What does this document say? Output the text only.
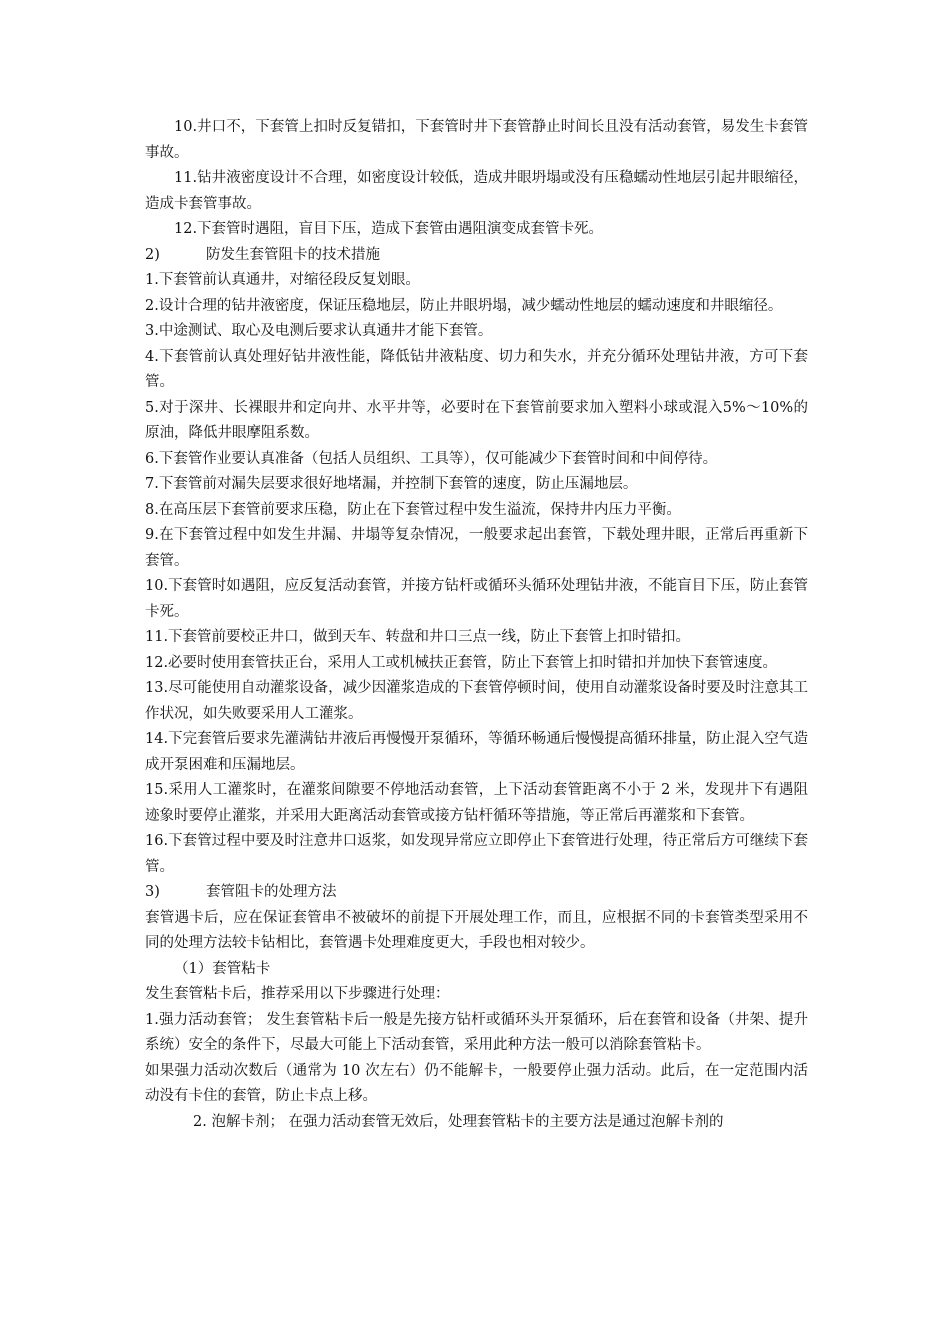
10.井口不，下套管上扣时反复错扣，下套管时井下套管静止时间长且没有活动套管，易发生卡套管事故。

11.钻井液密度设计不合理，如密度设计较低，造成井眼坍塌或没有压稳蠕动性地层引起井眼缩径，造成卡套管事故。

12.下套管时遇阻，盲目下压，造成下套管由遇阻演变成套管卡死。

2)          防发生套管阻卡的技术措施

1.下套管前认真通井，对缩径段反复划眼。

2.设计合理的钻井液密度，保证压稳地层，防止井眼坍塌，减少蠕动性地层的蠕动速度和井眼缩径。

3.中途测试、取心及电测后要求认真通井才能下套管。

4.下套管前认真处理好钻井液性能，降低钻井液粘度、切力和失水，并充分循环处理钻井液，方可下套管。

5.对于深井、长裸眼井和定向井、水平井等，必要时在下套管前要求加入塑料小球或混入5%～10%的原油，降低井眼摩阻系数。

6.下套管作业要认真准备（包括人员组织、工具等），仅可能减少下套管时间和中间停待。

7.下套管前对漏失层要求很好地堵漏，并控制下套管的速度，防止压漏地层。

8.在高压层下套管前要求压稳，防止在下套管过程中发生溢流，保持井内压力平衡。

9.在下套管过程中如发生井漏、井塌等复杂情况，一般要求起出套管，下载处理井眼，正常后再重新下套管。

10.下套管时如遇阻，应反复活动套管，并接方钻杆或循环头循环处理钻井液，不能盲目下压，防止套管卡死。

11.下套管前要校正井口，做到天车、转盘和井口三点一线，防止下套管上扣时错扣。

12.必要时使用套管扶正台，采用人工或机械扶正套管，防止下套管上扣时错扣并加快下套管速度。

13.尽可能使用自动灌浆设备，减少因灌浆造成的下套管停顿时间，使用自动灌浆设备时要及时注意其工作状况，如失败要采用人工灌浆。

14.下完套管后要求先灌满钻井液后再慢慢开泵循环，等循环畅通后慢慢提高循环排量，防止混入空气造成开泵困难和压漏地层。

15.采用人工灌浆时，在灌浆间隙要不停地活动套管，上下活动套管距离不小于 2 米，发现井下有遇阻迹象时要停止灌浆，并采用大距离活动套管或接方钻杆循环等措施，等正常后再灌浆和下套管。

16.下套管过程中要及时注意井口返浆，如发现异常应立即停止下套管进行处理，待正常后方可继续下套管。

3)          套管阻卡的处理方法

套管遇卡后，应在保证套管串不被破坏的前提下开展处理工作，而且，应根据不同的卡套管类型采用不同的处理方法较卡钻相比，套管遇卡处理难度更大，手段也相对较少。

（1）套管粘卡

发生套管粘卡后，推荐采用以下步骤进行处理：

1.强力活动套管； 发生套管粘卡后一般是先接方钻杆或循环头开泵循环，后在套管和设备（井架、提升系统）安全的条件下，尽最大可能上下活动套管，采用此种方法一般可以消除套管粘卡。

如果强力活动次数后（通常为 10 次左右）仍不能解卡，一般要停止强力活动。此后，在一定范围内活动没有卡住的套管，防止卡点上移。

2. 泡解卡剂； 在强力活动套管无效后，处理套管粘卡的主要方法是通过泡解卡剂的
